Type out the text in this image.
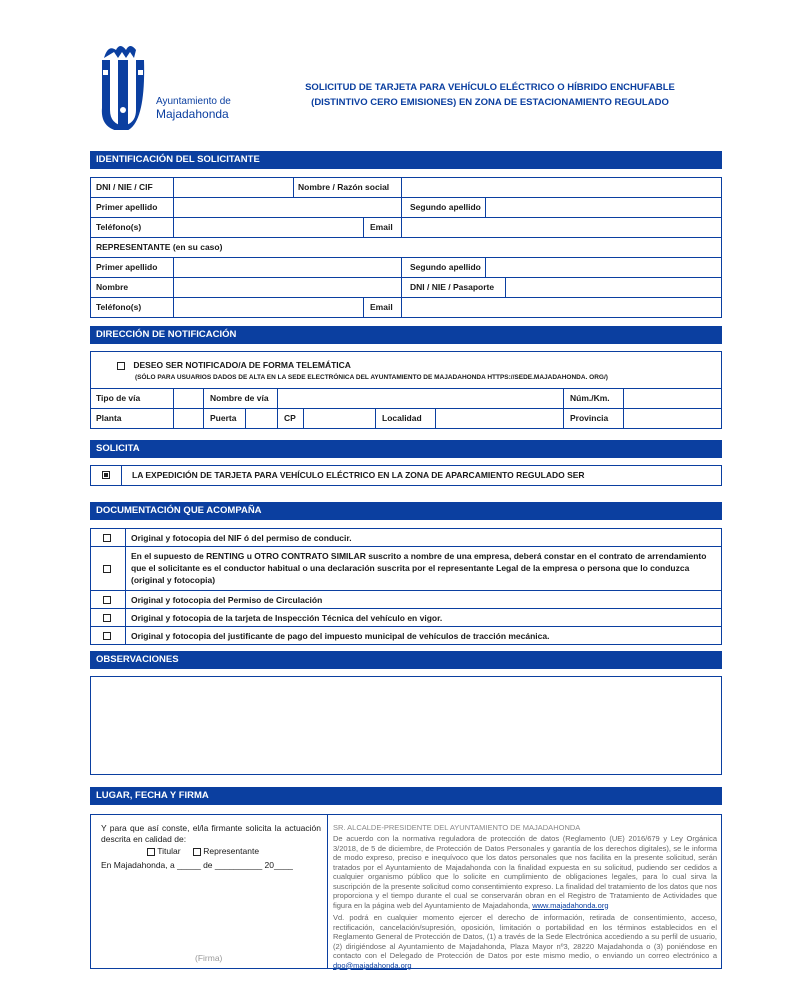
Ayuntamiento de
Majadahonda
SOLICITUD DE TARJETA PARA VEHÍCULO ELÉCTRICO O HÍBRIDO ENCHUFABLE
(DISTINTIVO CERO EMISIONES) EN ZONA DE ESTACIONAMIENTO REGULADO
IDENTIFICACIÓN DEL SOLICITANTE
DNI / NIE / CIF	Nombre / Razón social
Primer apellido	Segundo apellido
Teléfono(s)	Email
REPRESENTANTE (en su caso)
Primer apellido	Segundo apellido
Nombre	DNI / NIE / Pasaporte
Teléfono(s)	Email
DIRECCIÓN DE NOTIFICACIÓN
DESEO SER NOTIFICADO/A DE FORMA TELEMÁTICA
(SÓLO PARA USUARIOS DADOS DE ALTA EN LA SEDE ELECTRÓNICA DEL AYUNTAMIENTO DE MAJADAHONDA HTTPS://SEDE.MAJADAHONDA. ORG/)
Tipo de vía	Nombre de vía	Núm./Km.
Planta	Puerta	CP	Localidad	Provincia
SOLICITA
LA EXPEDICIÓN DE TARJETA PARA VEHÍCULO ELÉCTRICO EN LA ZONA DE APARCAMIENTO REGULADO SER
DOCUMENTACIÓN QUE ACOMPAÑA
Original y fotocopia del NIF ó del permiso de conducir.
En el supuesto de RENTING u OTRO CONTRATO SIMILAR suscrito a nombre de una empresa, deberá constar en el contrato de arrendamiento que el solicitante es el conductor habitual o una declaración suscrita por el representante Legal de la empresa o persona que lo conduzca (original y fotocopia)
Original y fotocopia del Permiso de Circulación
Original y fotocopia de la tarjeta de Inspección Técnica del vehículo en vigor.
Original y fotocopia del justificante de pago del impuesto municipal de vehículos de tracción mecánica.
OBSERVACIONES
LUGAR, FECHA Y FIRMA
Y para que así conste, el/la firmante solicita la actuación descrita en calidad de:
Titular	Representante
En Majadahonda, a _____ de __________ 20____
(Firma)
SR. ALCALDE-PRESIDENTE DEL AYUNTAMIENTO DE MAJADAHONDA
De acuerdo con la normativa reguladora de protección de datos (Reglamento (UE) 2016/679 y Ley Orgánica 3/2018, de 5 de diciembre, de Protección de Datos Personales y garantía de los derechos digitales), se le informa de modo expreso, preciso e inequívoco que los datos personales que nos facilita en la presente solicitud, serán tratados por el Ayuntamiento de Majadahonda con la finalidad expuesta en su solicitud, pudiendo ser cedidos a cualquier organismo público que lo solicite en cumplimiento de obligaciones legales, para lo cual sirva la suscripción de la presente solicitud como consentimiento expreso. La finalidad del tratamiento de los datos que nos proporciona y el tiempo durante el cual se conservarán obran en el Registro de Tratamiento de Actividades que figura en la página web del Ayuntamiento de Majadahonda, www.majadahonda.org
Vd. podrá en cualquier momento ejercer el derecho de información, retirada de consentimiento, acceso, rectificación, cancelación/supresión, oposición, limitación o portabilidad en los términos establecidos en el Reglamento General de Protección de Datos, (1) a través de la Sede Electrónica accediendo a su perfil de usuario, (2) dirigiéndose al Ayuntamiento de Majadahonda, Plaza Mayor nº3, 28220 Majadahonda o (3) poniéndose en contacto con el Delegado de Protección de Datos por este mismo medio, o enviando un correo electrónico a dpo@majadahonda.org
